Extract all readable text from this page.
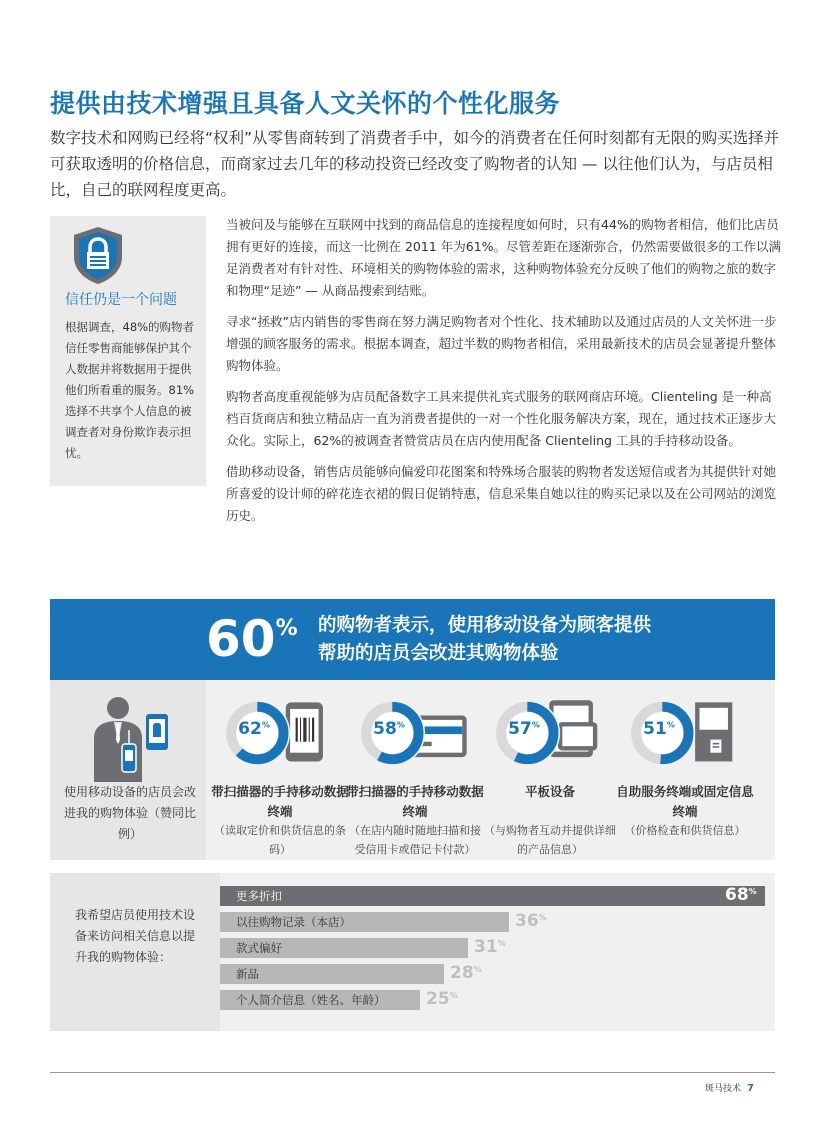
提供由技术增强且具备人文关怀的个性化服务
数字技术和网购已经将“权利”从零售商转到了消费者手中，如今的消费者在任何时刻都有无限的购买选择并可获取透明的价格信息，而商家过去几年的移动投资已经改变了购物者的认知 — 以往他们认为，与店员相比，自己的联网程度更高。
信任仍是一个问题
根据调查，48%的购物者信任零售商能够保护其个人数据并将数据用于提供他们所看重的服务。81%选择不共享个人信息的被调查者对身份欺诈表示担忧。

当被问及与能够在互联网中找到的商品信息的连接程度如何时，只有44%的购物者相信，他们比店员拥有更好的连接，而这一比例在 2011 年为61%。尽管差距在逐渐弥合，仍然需要做很多的工作以满足消费者对有针对性、环境相关的购物体验的需求，这种购物体验充分反映了他们的购物之旅的数字和物理“足迹” — 从商品搜索到结账。

寻求“拯救”店内销售的零售商在努力满足购物者对个性化、技术辅助以及通过店员的人文关怀进一步增强的顾客服务的需求。根据本调查，超过半数的购物者相信，采用最新技术的店员会显著提升整体购物体验。

购物者高度重视能够为店员配备数字工具来提供礼宾式服务的联网商店环境。Clienteling 是一种高档百货商店和独立精品店一直为消费者提供的一对一个性化服务解决方案，现在，通过技术正逐步大众化。实际上，62%的被调查者赞赏店员在店内使用配备 Clienteling 工具的手持移动设备。

借助移动设备，销售店员能够向偏爱印花图案和特殊场合服装的购物者发送短信或者为其提供针对她所喜爱的设计师的碎花连衣裙的假日促销特惠，信息采集自她以往的购买记录以及在公司网站的浏览历史。

60% 的购物者表示，使用移动设备为顾客提供帮助的店员会改进其购物体验
使用移动设备的店员会改进我的购物体验（赞同比例）
62%
带扫描器的手持移动数据终端
（读取定价和供货信息的条码）
58%
带扫描器的手持移动数据终端
（在店内随时随地扫描和接受信用卡或借记卡付款）
57%
平板设备
（与购物者互动并提供详细的产品信息）
51%
自助服务终端或固定信息终端
（价格检查和供货信息）
我希望店员使用技术设备来访问相关信息以提升我的购物体验：
更多折扣	68%
以往购物记录（本店）	36%
款式偏好	31%
新品	28%
个人简介信息（姓名、年龄） 25%
斑马技术 7
